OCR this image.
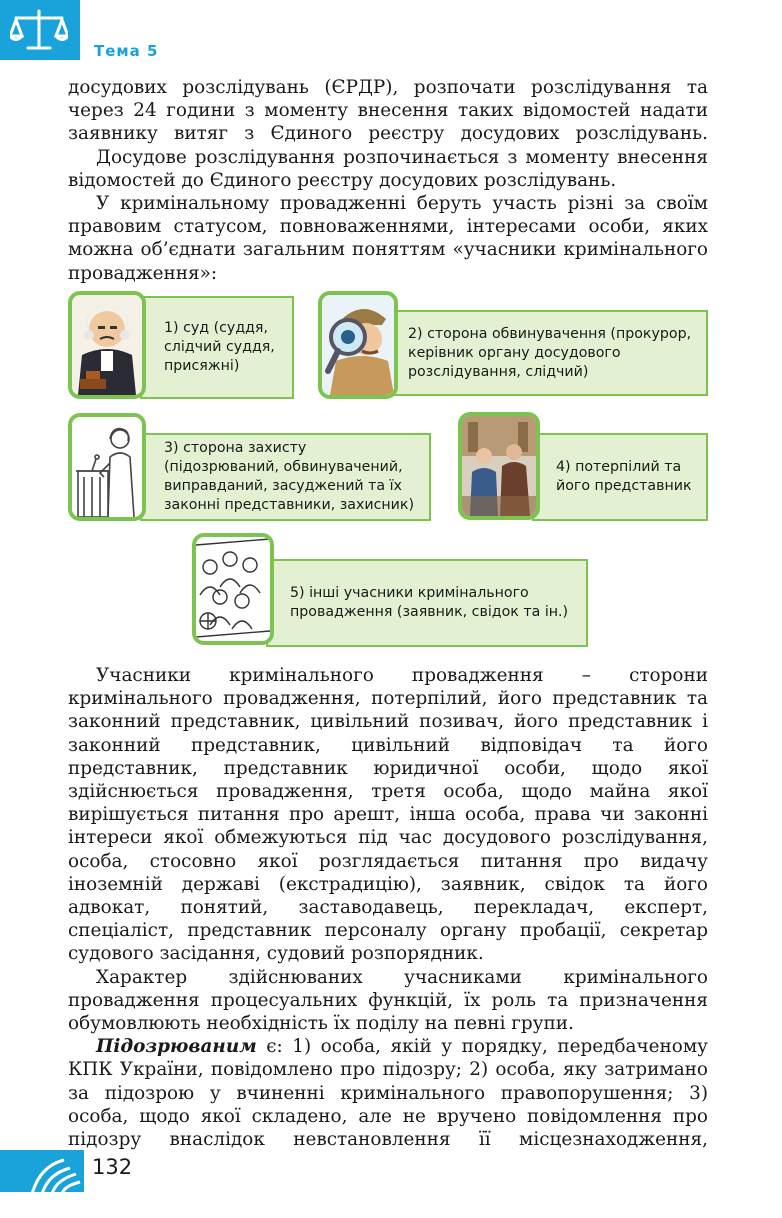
Тема 5

досудових розслідувань (ЄРДР), розпочати розслідування та через 24 години з моменту внесення таких відомостей надати заявнику витяг з Єдиного реєстру досудових розслідувань.

Досудове розслідування розпочинається з моменту внесення відомостей до Єдиного реєстру досудових розслідувань.

У кримінальному провадженні беруть участь різні за своїм правовим статусом, повноваженнями, інтересами особи, яких можна об’єднати загальним поняттям «учасники кримінального провадження»:

1) суд (суддя, слідчий суддя, присяжні)
2) сторона обвинувачення (прокурор, керівник органу досудового розслідування, слідчий)
3) сторона захисту (підозрюваний, обвинувачений, виправданий, засуджений та їх законні представники, захисник)
4) потерпілий та його представник
5) інші учасники кримінального провадження (заявник, свідок та ін.)

Учасники кримінального провадження – сторони кримінального провадження, потерпілий, його представник та законний представник, цивільний позивач, його представник і законний представник, цивільний відповідач та його представник, представник юридичної особи, щодо якої здійснюється провадження, третя особа, щодо майна якої вирішується питання про арешт, інша особа, права чи законні інтереси якої обмежуються під час досудового розслідування, особа, стосовно якої розглядається питання про видачу іноземній державі (екстрадицію), заявник, свідок та його адвокат, понятий, заставодавець, перекладач, експерт, спеціаліст, представник персоналу органу пробації, секретар судового засідання, судовий розпорядник.

Характер здійснюваних учасниками кримінального провадження процесуальних функцій, їх роль та призначення обумовлюють необхідність їх поділу на певні групи.

Підозрюваним є: 1) особа, якій у порядку, передбаченому КПК України, повідомлено про підозру; 2) особа, яку затримано за підозрою у вчиненні кримінального правопорушення; 3) особа, щодо якої складено, але не вручено повідомлення про підозру внаслідок невстановлення її місцезнаходження,

132
